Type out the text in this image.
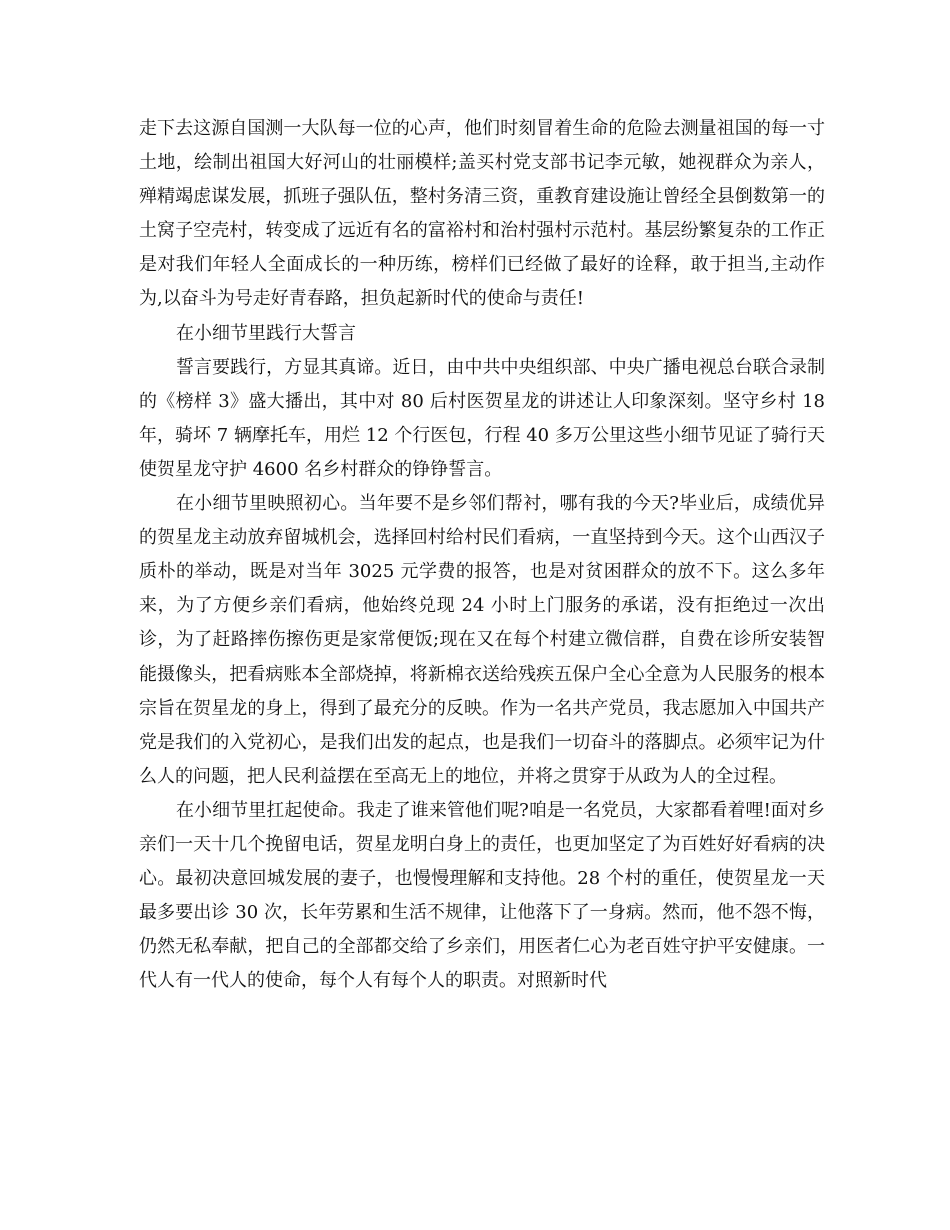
走下去这源自国测一大队每一位的心声，他们时刻冒着生命的危险去测量祖国的每一寸土地，绘制出祖国大好河山的壮丽模样;盖买村党支部书记李元敏，她视群众为亲人，殚精竭虑谋发展，抓班子强队伍，整村务清三资，重教育建设施让曾经全县倒数第一的土窝子空壳村，转变成了远近有名的富裕村和治村强村示范村。基层纷繁复杂的工作正是对我们年轻人全面成长的一种历练，榜样们已经做了最好的诠释，敢于担当,主动作为,以奋斗为号走好青春路，担负起新时代的使命与责任!

在小细节里践行大誓言

誓言要践行，方显其真谛。近日，由中共中央组织部、中央广播电视总台联合录制的《榜样 3》盛大播出，其中对 80 后村医贺星龙的讲述让人印象深刻。坚守乡村 18 年，骑坏 7 辆摩托车，用烂 12 个行医包，行程 40 多万公里这些小细节见证了骑行天使贺星龙守护 4600 名乡村群众的铮铮誓言。

在小细节里映照初心。当年要不是乡邻们帮衬，哪有我的今天?毕业后，成绩优异的贺星龙主动放弃留城机会，选择回村给村民们看病，一直坚持到今天。这个山西汉子质朴的举动，既是对当年 3025 元学费的报答，也是对贫困群众的放不下。这么多年来，为了方便乡亲们看病，他始终兑现 24 小时上门服务的承诺，没有拒绝过一次出诊，为了赶路摔伤擦伤更是家常便饭;现在又在每个村建立微信群，自费在诊所安装智能摄像头，把看病账本全部烧掉，将新棉衣送给残疾五保户全心全意为人民服务的根本宗旨在贺星龙的身上，得到了最充分的反映。作为一名共产党员，我志愿加入中国共产党是我们的入党初心，是我们出发的起点，也是我们一切奋斗的落脚点。必须牢记为什么人的问题，把人民利益摆在至高无上的地位，并将之贯穿于从政为人的全过程。

在小细节里扛起使命。我走了谁来管他们呢?咱是一名党员，大家都看着哩!面对乡亲们一天十几个挽留电话，贺星龙明白身上的责任，也更加坚定了为百姓好好看病的决心。最初决意回城发展的妻子，也慢慢理解和支持他。28 个村的重任，使贺星龙一天最多要出诊 30 次，长年劳累和生活不规律，让他落下了一身病。然而，他不怨不悔，仍然无私奉献，把自己的全部都交给了乡亲们，用医者仁心为老百姓守护平安健康。一代人有一代人的使命，每个人有每个人的职责。对照新时代
